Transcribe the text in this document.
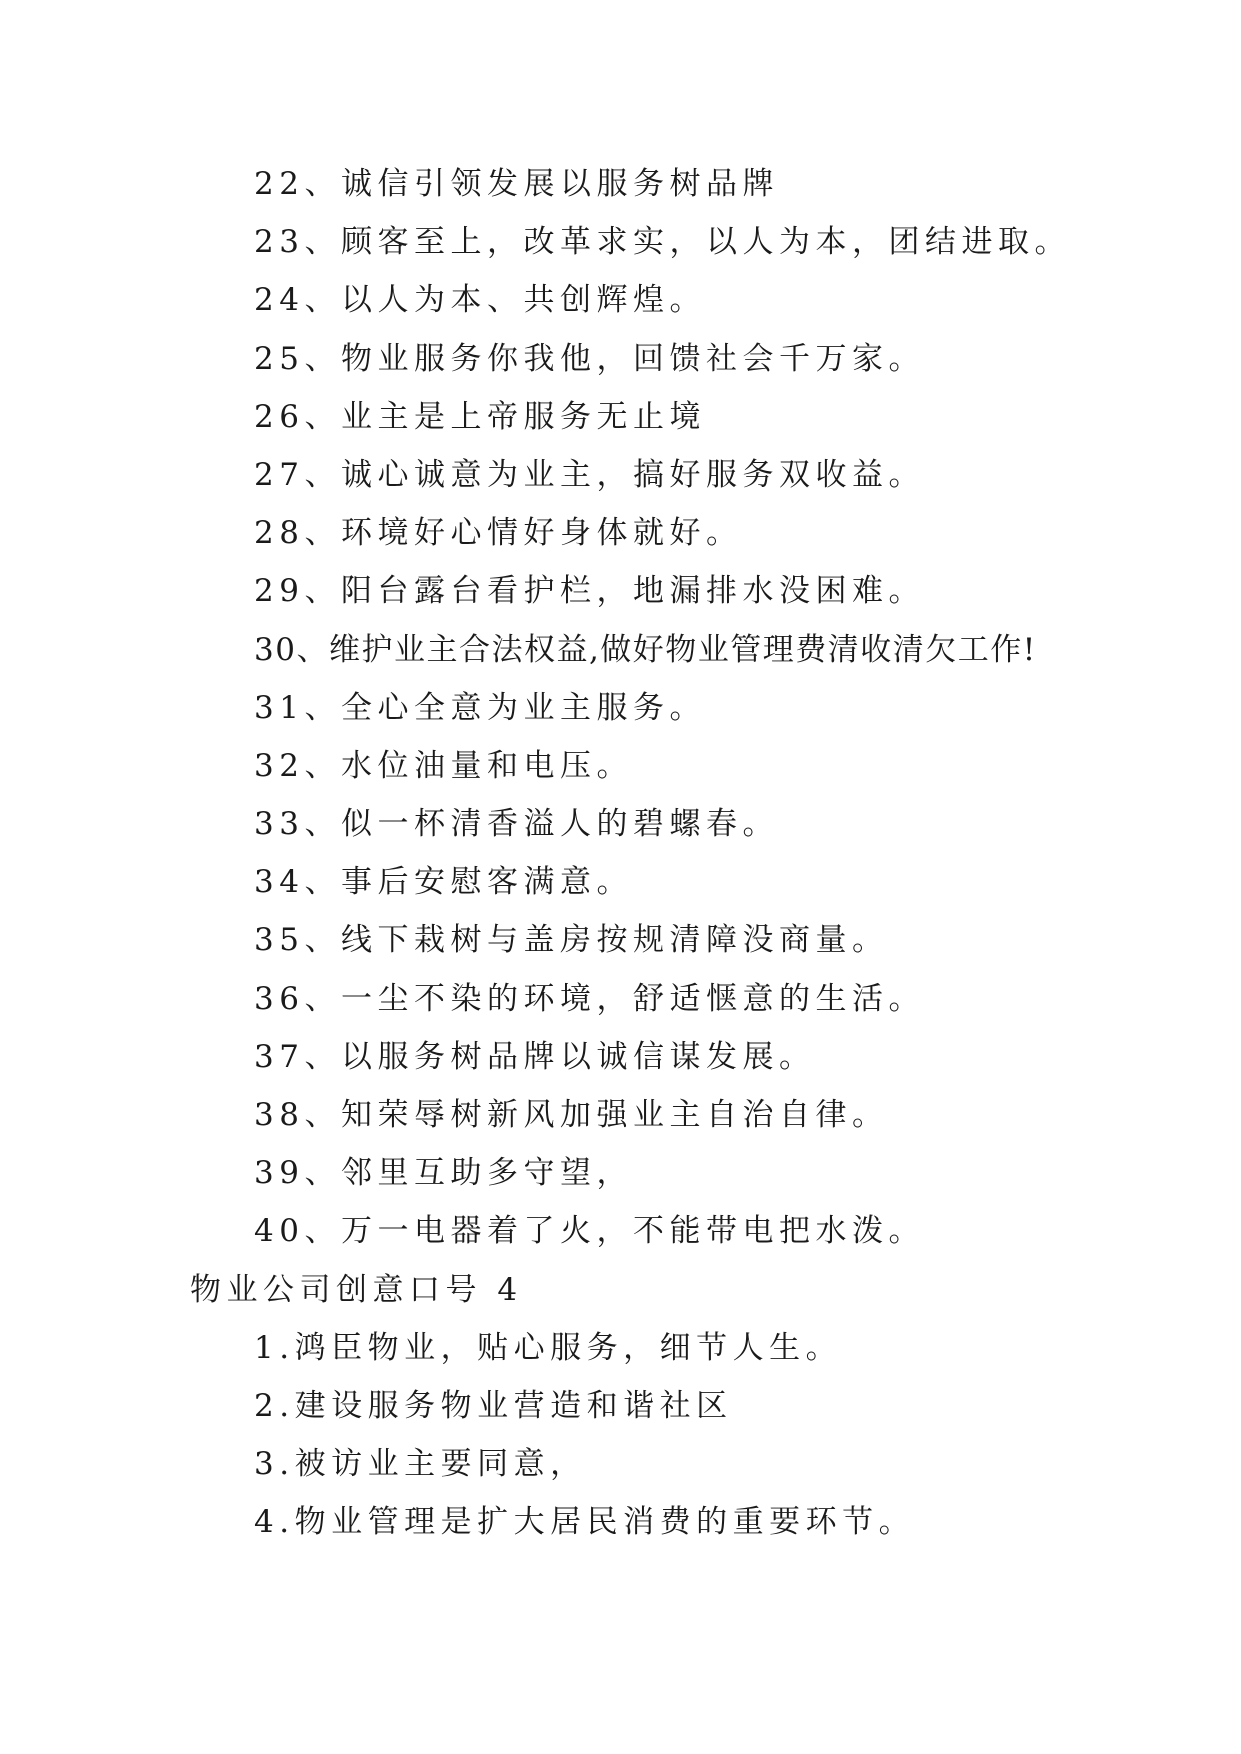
22、诚信引领发展以服务树品牌
23、顾客至上，改革求实，以人为本，团结进取。
24、以人为本、共创辉煌。
25、物业服务你我他，回馈社会千万家。
26、业主是上帝服务无止境
27、诚心诚意为业主，搞好服务双收益。
28、环境好心情好身体就好。
29、阳台露台看护栏，地漏排水没困难。
30、维护业主合法权益,做好物业管理费清收清欠工作!
31、全心全意为业主服务。
32、水位油量和电压。
33、似一杯清香溢人的碧螺春。
34、事后安慰客满意。
35、线下栽树与盖房按规清障没商量。
36、一尘不染的环境，舒适惬意的生活。
37、以服务树品牌以诚信谋发展。
38、知荣辱树新风加强业主自治自律。
39、邻里互助多守望，
40、万一电器着了火，不能带电把水泼。
物业公司创意口号 4
1.鸿臣物业，贴心服务，细节人生。
2.建设服务物业营造和谐社区
3.被访业主要同意，
4.物业管理是扩大居民消费的重要环节。
